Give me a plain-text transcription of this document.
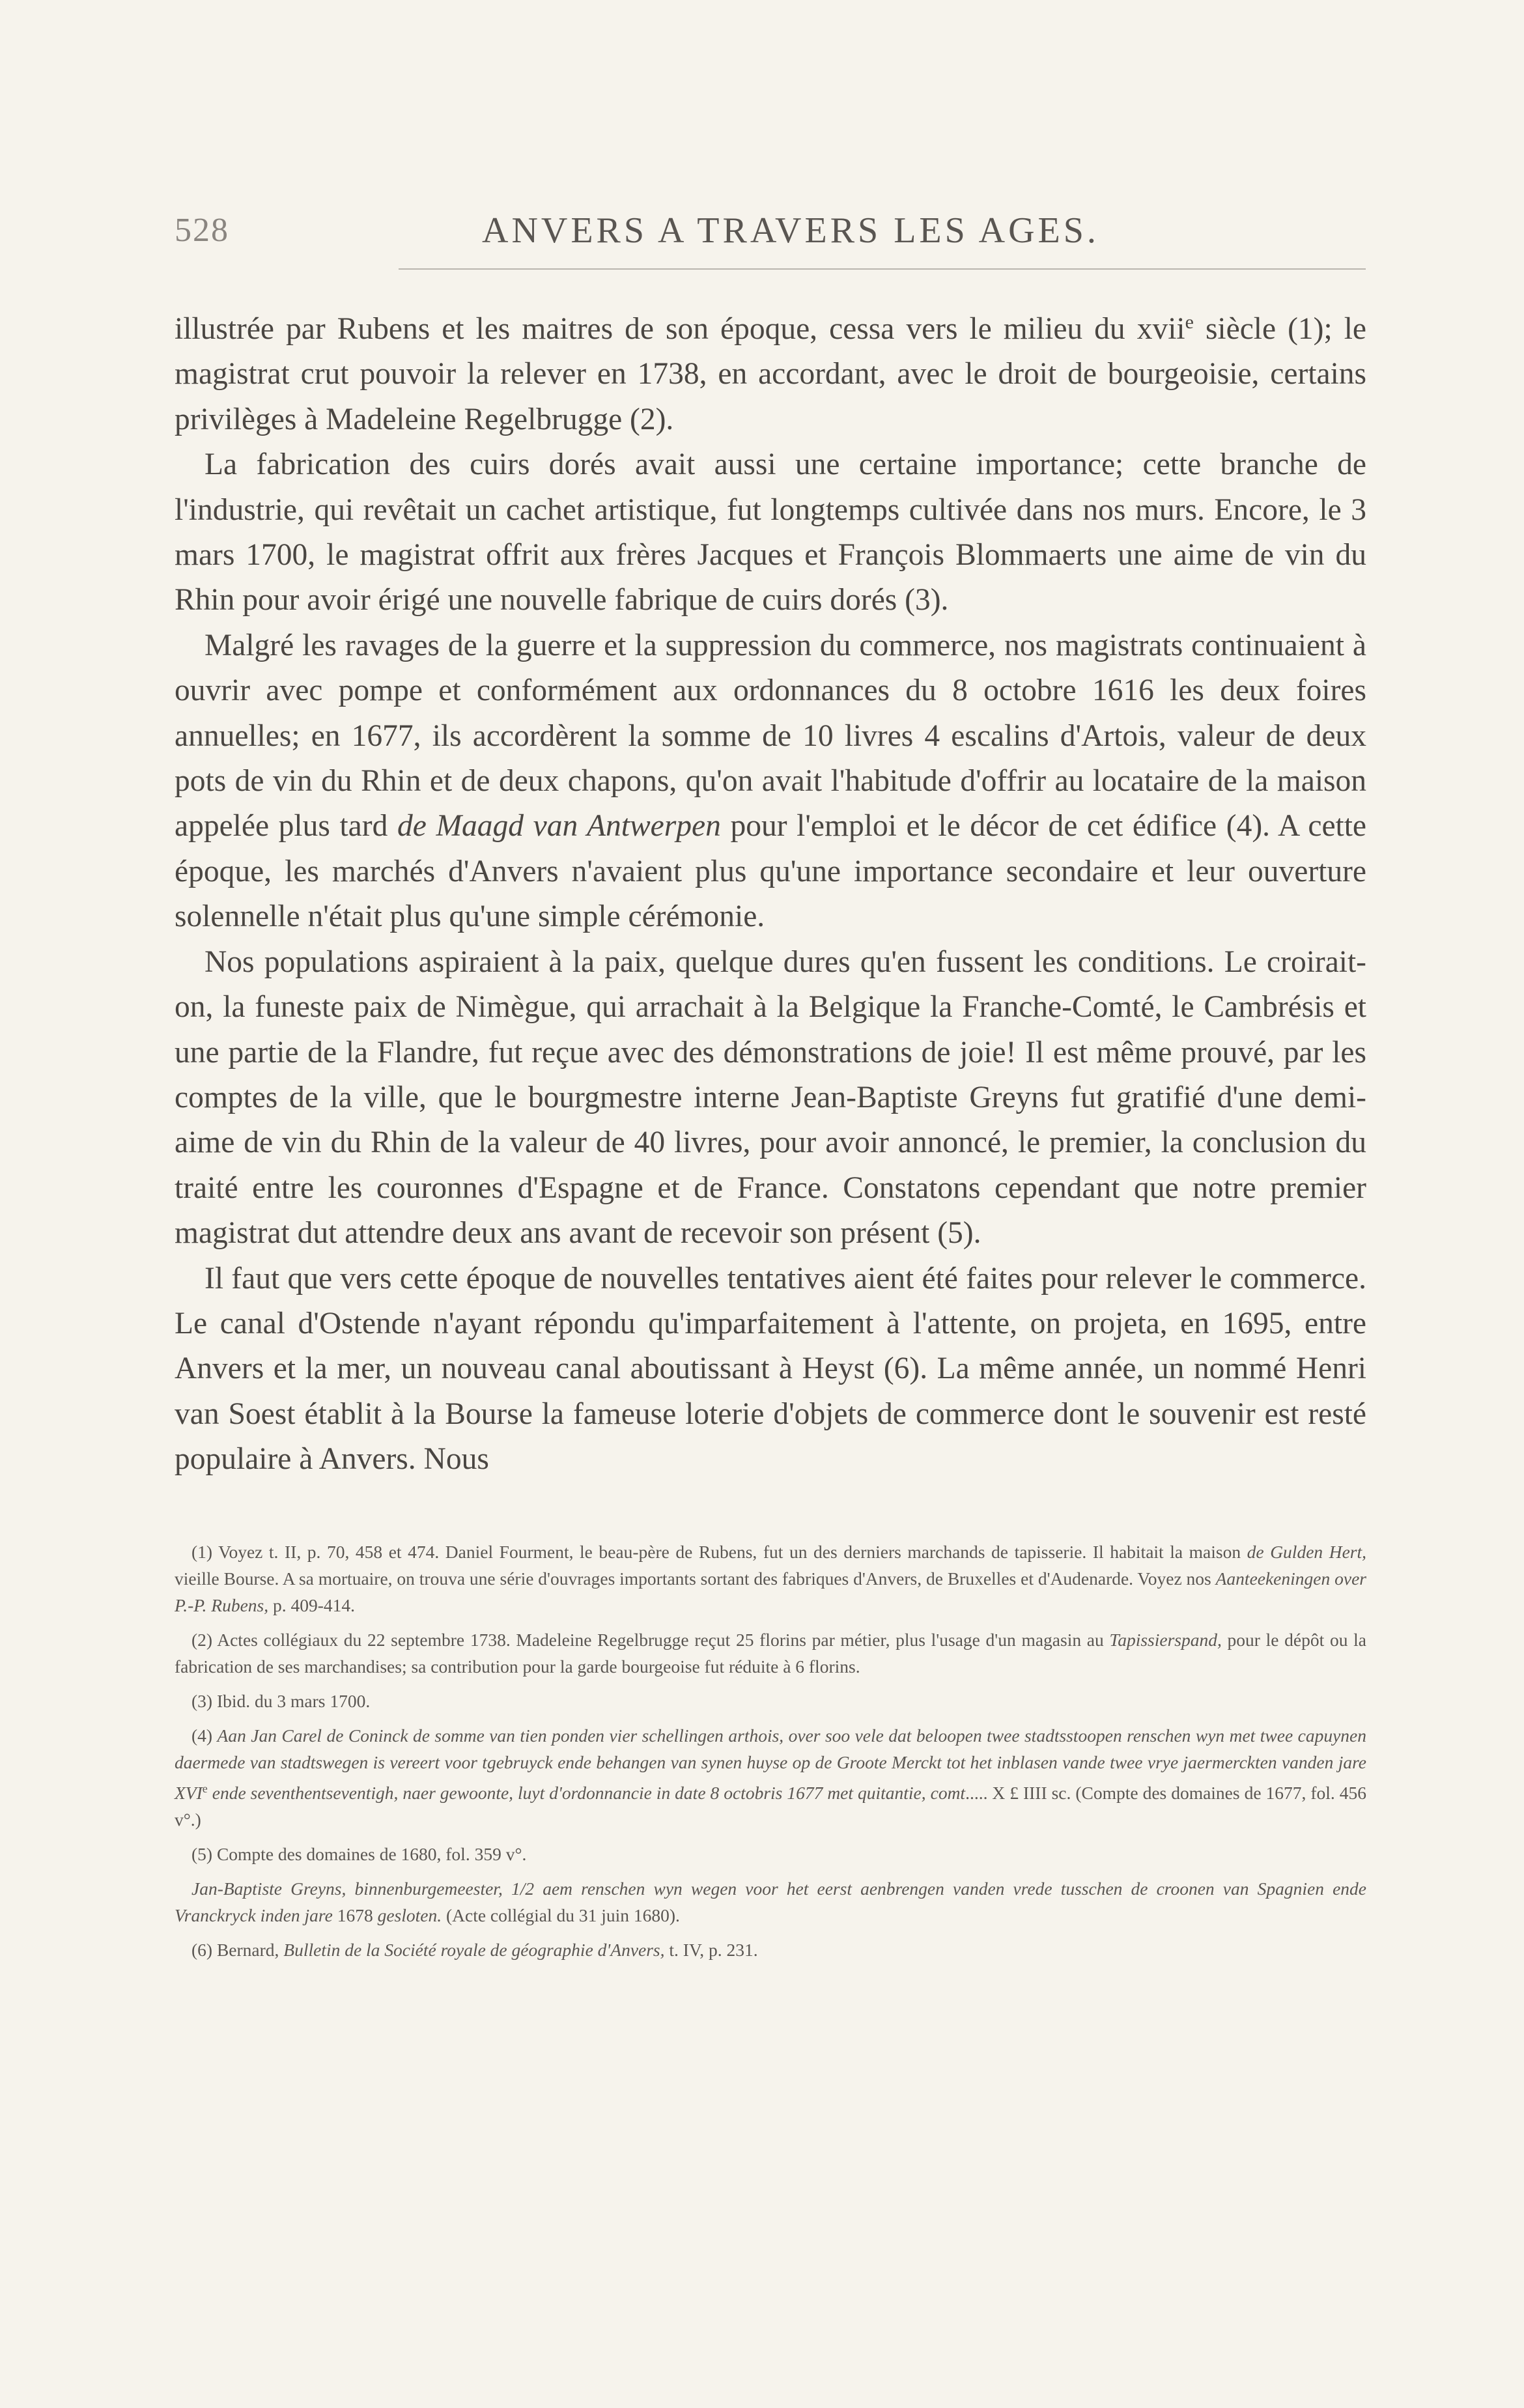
528	ANVERS A TRAVERS LES AGES.

illustrée par Rubens et les maitres de son époque, cessa vers le milieu du xvii$^e$ siècle (1); le magistrat crut pouvoir la relever en 1738, en accordant, avec le droit de bourgeoisie, certains privilèges à Madeleine Regelbrugge (2).

La fabrication des cuirs dorés avait aussi une certaine importance; cette branche de l'industrie, qui revêtait un cachet artistique, fut longtemps cultivée dans nos murs. Encore, le 3 mars 1700, le magistrat offrit aux frères Jacques et François Blommaerts une aime de vin du Rhin pour avoir érigé une nouvelle fabrique de cuirs dorés (3).

Malgré les ravages de la guerre et la suppression du commerce, nos magistrats continuaient à ouvrir avec pompe et conformément aux ordonnances du 8 octobre 1616 les deux foires annuelles; en 1677, ils accordèrent la somme de 10 livres 4 escalins d'Artois, valeur de deux pots de vin du Rhin et de deux chapons, qu'on avait l'habitude d'offrir au locataire de la maison appelée plus tard de Maagd van Antwerpen pour l'emploi et le décor de cet édifice (4). A cette époque, les marchés d'Anvers n'avaient plus qu'une importance secondaire et leur ouverture solennelle n'était plus qu'une simple cérémonie.

Nos populations aspiraient à la paix, quelque dures qu'en fussent les conditions. Le croirait-on, la funeste paix de Nimègue, qui arrachait à la Belgique la Franche-Comté, le Cambrésis et une partie de la Flandre, fut reçue avec des démonstrations de joie! Il est même prouvé, par les comptes de la ville, que le bourgmestre interne Jean-Baptiste Greyns fut gratifié d'une demi-aime de vin du Rhin de la valeur de 40 livres, pour avoir annoncé, le premier, la conclusion du traité entre les couronnes d'Espagne et de France. Constatons cependant que notre premier magistrat dut attendre deux ans avant de recevoir son présent (5).

Il faut que vers cette époque de nouvelles tentatives aient été faites pour relever le commerce. Le canal d'Ostende n'ayant répondu qu'imparfaitement à l'attente, on projeta, en 1695, entre Anvers et la mer, un nouveau canal aboutissant à Heyst (6). La même année, un nommé Henri van Soest établit à la Bourse la fameuse loterie d'objets de commerce dont le souvenir est resté populaire à Anvers. Nous

(1) Voyez t. II, p. 70, 458 et 474. Daniel Fourment, le beau-père de Rubens, fut un des derniers marchands de tapisserie. Il habitait la maison de Gulden Hert, vieille Bourse. A sa mortuaire, on trouva une série d'ouvrages importants sortant des fabriques d'Anvers, de Bruxelles et d'Audenarde. Voyez nos Aanteekeningen over P.-P. Rubens, p. 409-414.

(2) Actes collégiaux du 22 septembre 1738. Madeleine Regelbrugge reçut 25 florins par métier, plus l'usage d'un magasin au Tapissierspand, pour le dépôt ou la fabrication de ses marchandises; sa contribution pour la garde bourgeoise fut réduite à 6 florins.

(3) Ibid. du 3 mars 1700.

(4) Aan Jan Carel de Coninck de somme van tien ponden vier schellingen arthois, over soo vele dat beloopen twee stadtsstoopen renschen wyn met twee capuynen daermede van stadtswegen is vereert voor tgebruyck ende behangen van synen huyse op de Groote Merckt tot het inblasen vande twee vrye jaermerckten vanden jare XVIe ende seventhentseventigh, naer gewoonte, luyt d'ordonnancie in date 8 octobris 1677 met quitantie, comt..... X £ IIII sc. (Compte des domaines de 1677, fol. 456 v°.)

(5) Compte des domaines de 1680, fol. 359 v°.

Jan-Baptiste Greyns, binnenburgemeester, 1/2 aem renschen wyn wegen voor het eerst aenbrengen vanden vrede tusschen de croonen van Spagnien ende Vranckryck inden jare 1678 gesloten. (Acte collégial du 31 juin 1680).

(6) Bernard, Bulletin de la Société royale de géographie d'Anvers, t. IV, p. 231.
